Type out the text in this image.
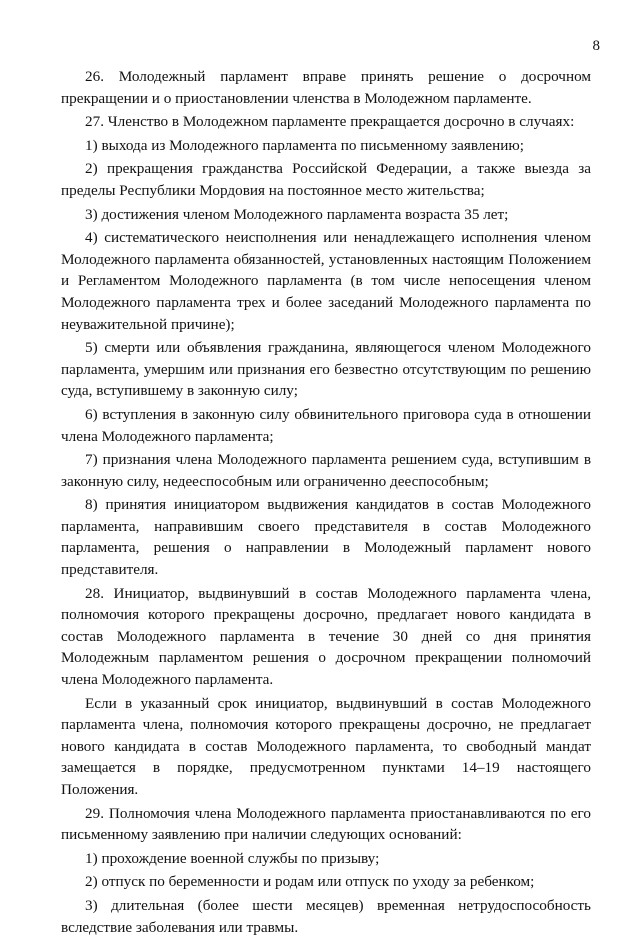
8

26. Молодежный парламент вправе принять решение о досрочном прекращении и о приостановлении членства в Молодежном парламенте.

27. Членство в Молодежном парламенте прекращается досрочно в случаях:

1) выхода из Молодежного парламента по письменному заявлению;

2) прекращения гражданства Российской Федерации, а также выезда за пределы Республики Мордовия на постоянное место жительства;

3) достижения членом Молодежного парламента возраста 35 лет;

4) систематического неисполнения или ненадлежащего исполнения членом Молодежного парламента обязанностей, установленных настоящим Положением и Регламентом Молодежного парламента (в том числе непосещения членом Молодежного парламента трех и более заседаний Молодежного парламента по неуважительной причине);

5) смерти или объявления гражданина, являющегося членом Молодежного парламента, умершим или признания его безвестно отсутствующим по решению суда, вступившему в законную силу;

6) вступления в законную силу обвинительного приговора суда в отношении члена Молодежного парламента;

7) признания члена Молодежного парламента решением суда, вступившим в законную силу, недееспособным или ограниченно дееспособным;

8) принятия инициатором выдвижения кандидатов в состав Молодежного парламента, направившим своего представителя в состав Молодежного парламента, решения о направлении в Молодежный парламент нового представителя.

28. Инициатор, выдвинувший в состав Молодежного парламента члена, полномочия которого прекращены досрочно, предлагает нового кандидата в состав Молодежного парламента в течение 30 дней со дня принятия Молодежным парламентом решения о досрочном прекращении полномочий члена Молодежного парламента.

Если в указанный срок инициатор, выдвинувший в состав Молодежного парламента члена, полномочия которого прекращены досрочно, не предлагает нового кандидата в состав Молодежного парламента, то свободный мандат замещается в порядке, предусмотренном пунктами 14–19 настоящего Положения.

29. Полномочия члена Молодежного парламента приостанавливаются по его письменному заявлению при наличии следующих оснований:

1) прохождение военной службы по призыву;

2) отпуск по беременности и родам или отпуск по уходу за ребенком;

3) длительная (более шести месяцев) временная нетрудоспособность вследствие заболевания или травмы.
